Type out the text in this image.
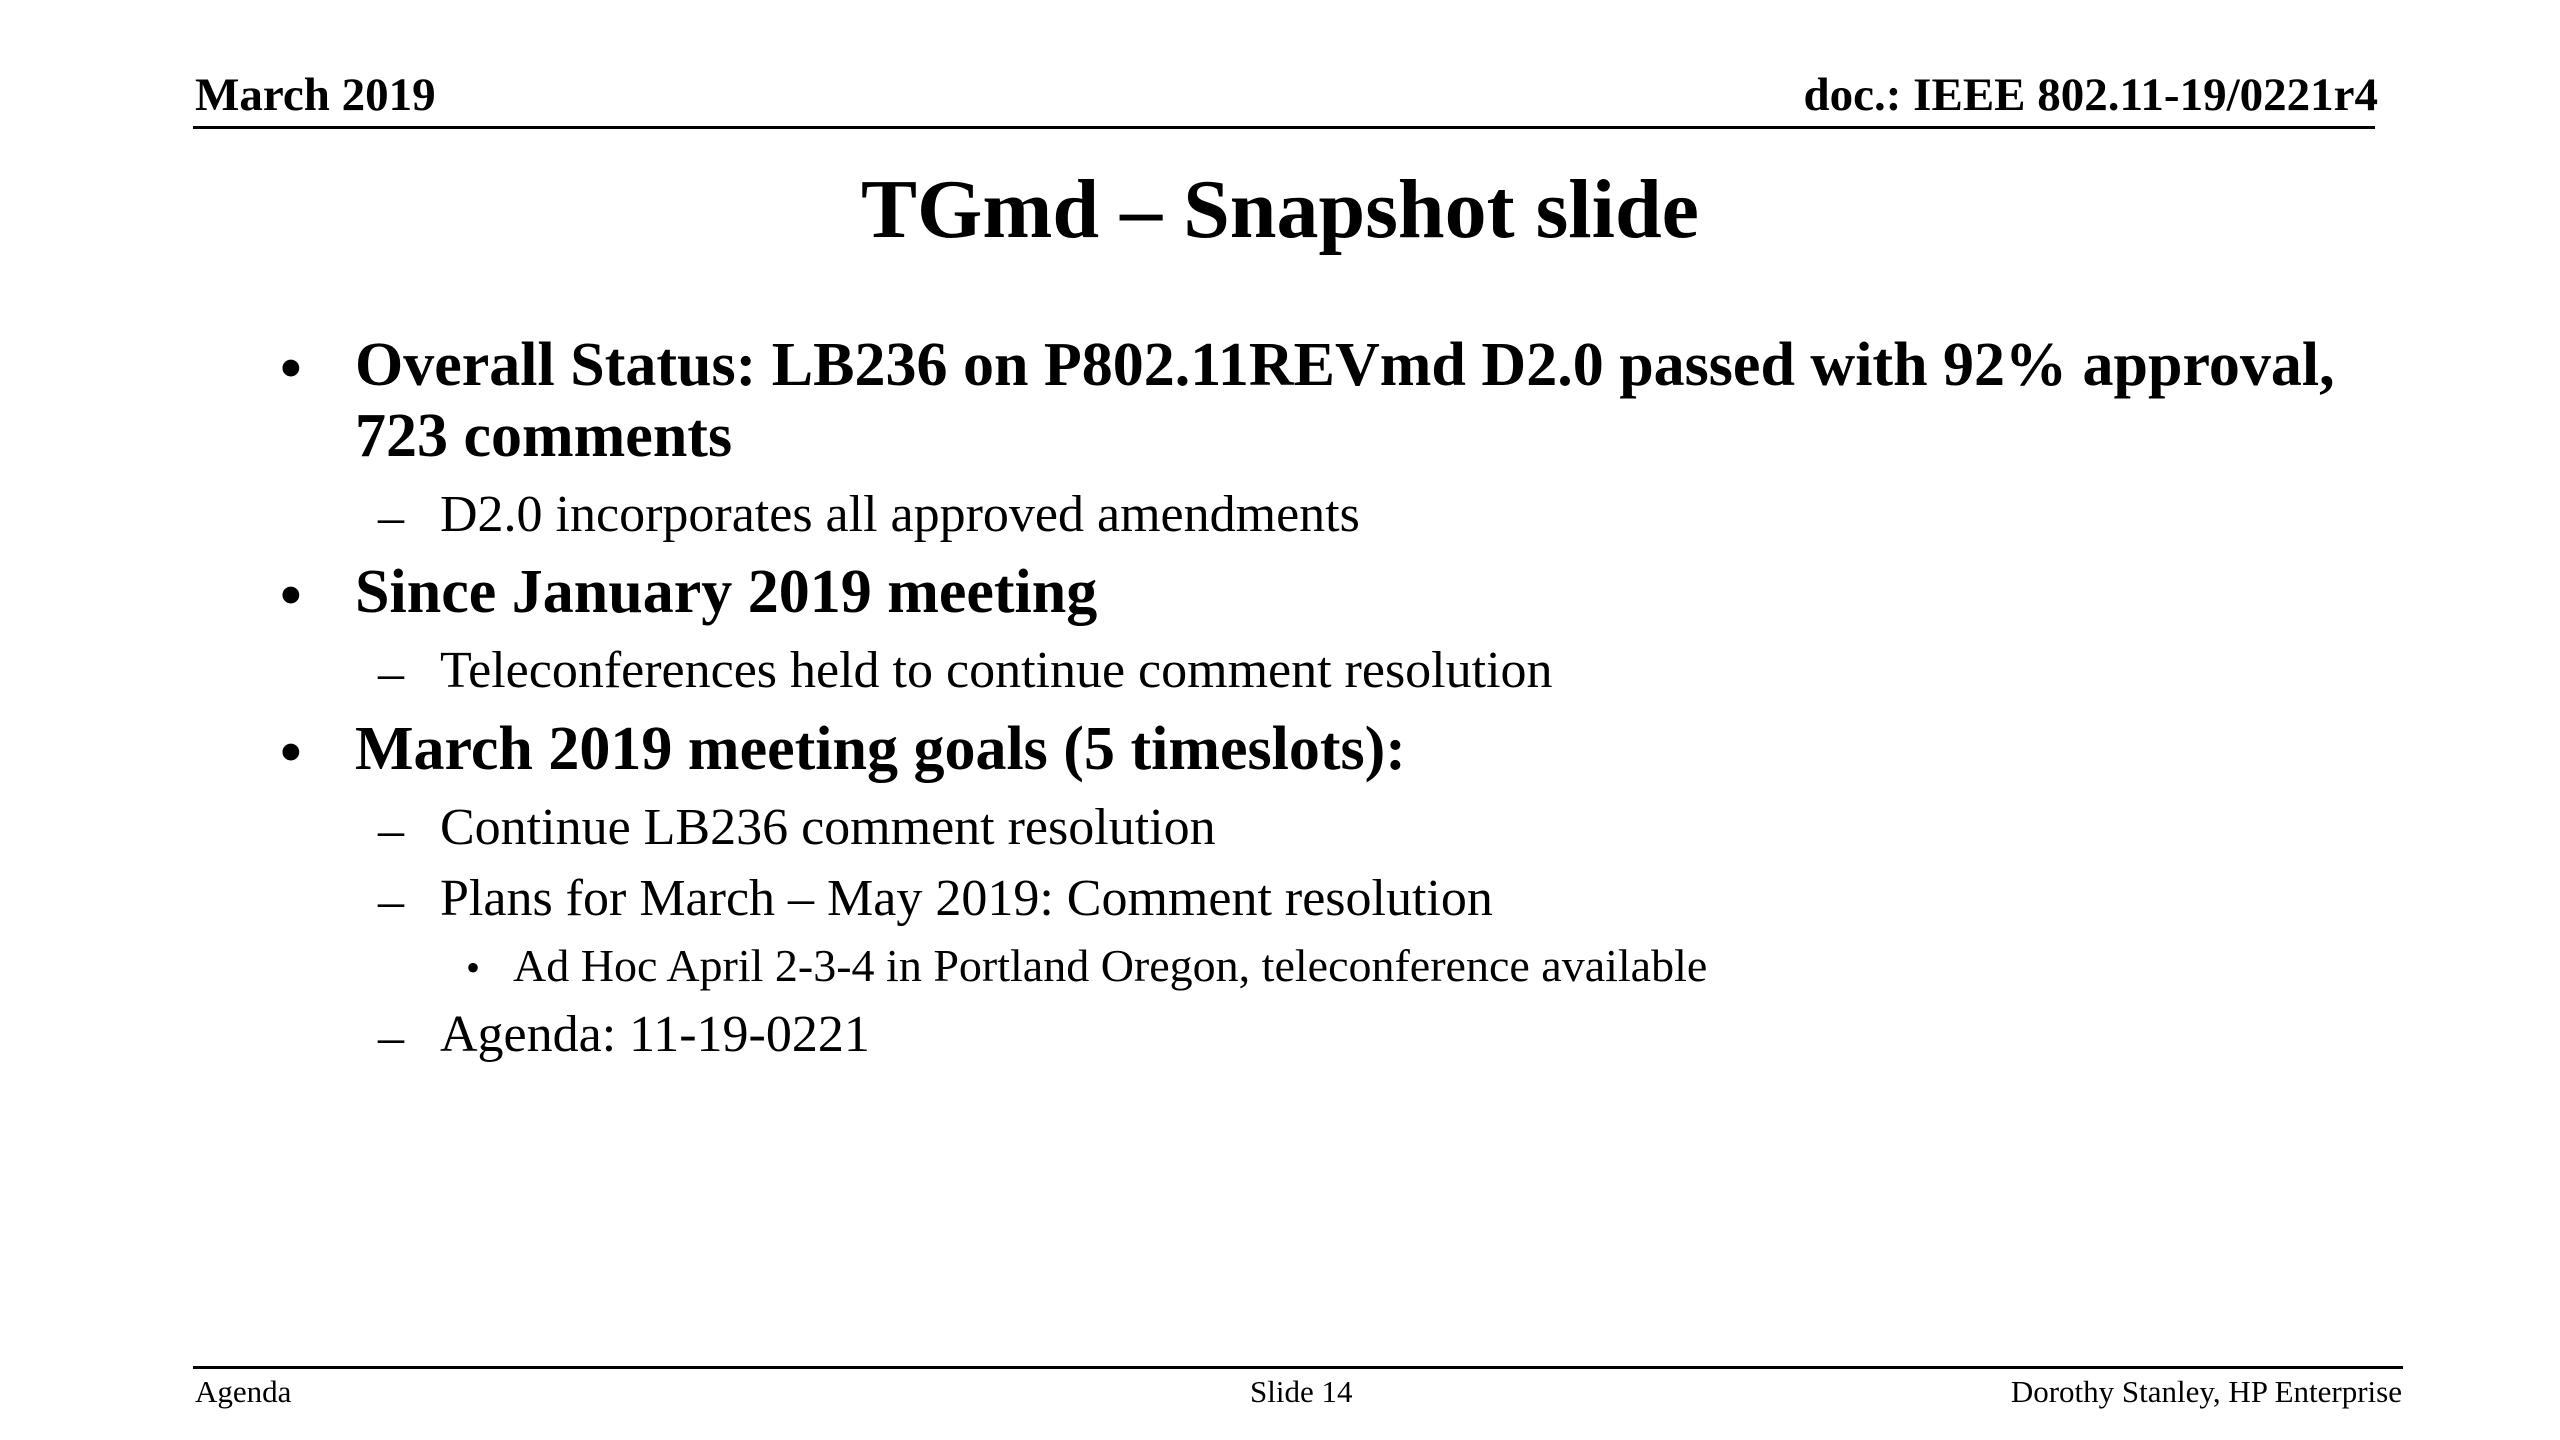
March 2019	doc.: IEEE 802.11-19/0221r4
TGmd – Snapshot slide
• Overall Status: LB236 on P802.11REVmd D2.0 passed with 92% approval, 723 comments
– D2.0 incorporates all approved amendments
• Since January 2019 meeting
– Teleconferences held to continue comment resolution
• March 2019 meeting goals (5 timeslots):
– Continue LB236 comment resolution
– Plans for March – May 2019: Comment resolution
• Ad Hoc April 2-3-4 in Portland Oregon, teleconference available
– Agenda: 11-19-0221
Agenda	Slide 14	Dorothy Stanley, HP Enterprise
